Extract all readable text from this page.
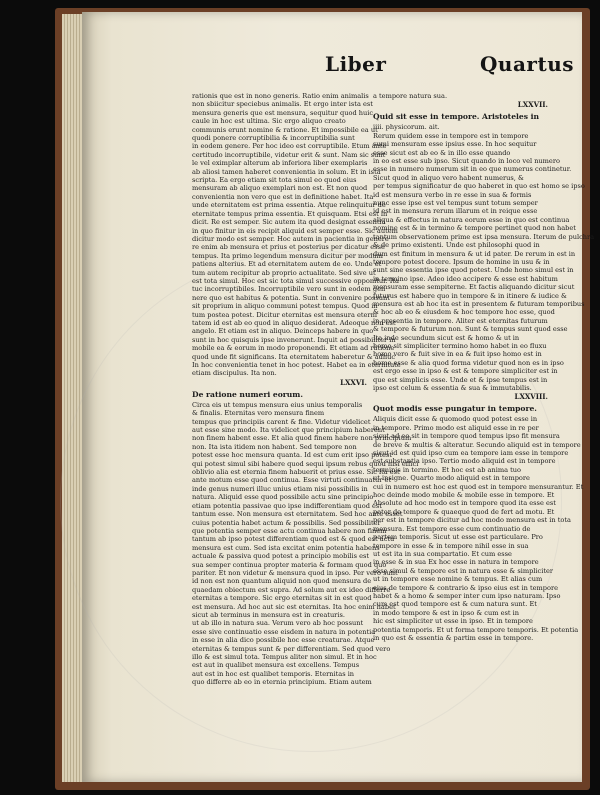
Liber	Quartus
rationis que est in nono generis. Ratio enim animalis
non sbiicitur speciebus animalis. Et ergo inter ista est
mensura generis que est mensura, sequitur quod huic
caule in hoc est ultima. Sic ergo aliquo creato
communis erunt nomine & ratione. Et impossibile ea ut
quodi ponere corruptibilia & incorruptibilia sunt
in eodem genere. Per hoc ideo est corruptibile. Etum ante
certitudo incorruptibile, videtur erit & sunt. Nam sic sunt
le vel eximplar alterum ab inferiora liber exemplaris
ab aliosi tamen haberet convenientia in solum. Et in ista
scripta. Ea ergo etiam sit tota simul eo quod eius
mensuram ab aliquo exemplari non est. Et non quod
convenientia non vero que est in definitione habet. Ita
unde eternitatem est prima essentia. Atque relinquitur de
eternitate tempus prima essentia. Et quisquam. Etsi est in
dicit. Re est semper. Sic autem ita quod designat essentia
in quo finitur in eis recipit aliquid est semper esse. Sic autem
dicitur modo est semper. Hoc autem in pacientia in genere
re enim ab mensura et prius et posterius per dicatur esse
tempus. Ita primo legendum mensura dicitur per modum
patiens alterius. Et ad eternitatem autem de eo. Unde et
tum autem recipitur ab proprio actualitate. Sed sive ut
est tota simul. Hoc est sic tota simul successive opponitur. Ita
tuc incorruptibiles. Incorruptibile vero sunt in eodem gen
nere quo est habitus & potentia. Sunt in convenire possunt
sit proprium in aliquo communi potest tempus. Quod in
tum postea potest. Dicitur eternitas est mensura eterni
tatem id est ab eo quod in aliquo desiderat. Adeoque non est
angelo. Et etiam est in aliquo. Deinceps habere in quo
sunt in hoc quisquis ipse invenerunt. Inquit ad possibiliter in
mobile ea & eorum in modo proponendi. Et etiam ad ratione
quod unde fit significans. Ita eternitatem haberetur & adhuc
In hoc convenientia tenet in hoc potest. Habet ea in eternitate
etiam discipulus. Ita non.
LXXVI.
De ratione numeri eorum.
Circa eis ut tempus mensura eius unius temporalis
& finalis. Eternitas vero mensura finem
tempus que principiis carent & fine. Videtur videlicet
aut esse sine modo. Ita videlicet que principium haberent
non finem habent esse. Et alia quod finem habere non principium
non. Ita ista itidem non habent. Sed tempore non
potest esse hoc mensura quanta. Id est cum erit ipso potest
qui potest simul sibi habere quod sequi ipsum rebus quod nisi effici
oblivio alia est eternia finem habuerit et prius esse. Sic ita est
ante motum esse quod continua. Esse virtuti continuatur et
inde genus numeri illuc unius etiam nisi possibilis in
natura. Aliquid esse quod possibile actu sine principio
etiam potentia passivae quo ipse indifferentiam quod est
tantum esse. Non mensura est eternitatem. Sed hoc ante esset
cuius potentia habet actum & possibilis. Sed possibiliter
que potentia semper esse actu continua habere non finem
tantum ab ipso potest differentiam quod est & quod est actu
mensura est cum. Sed ista excitat enim potentia habens
actuale & passiva quod potest a principio mobilis est
sua semper continua propter materia & formam quod quo
pariter. Et non videtur & mensura quod in ipso. Per vero sunt
id non est non quantum aliquid non quod mensura de
quaedam obiectum est supra. Ad solum aut ex ideo differre
eternitas a tempore. Sic ergo eternitas sit in est quod
est mensura. Ad hoc aut sic est eternitas. Ita hoc enim habet
sicut ab terminus in mensura est in creaturis.
ut ab illo in natura sua. Verum vero ab hoc possunt
esse sive continuatio esse eisdem in natura in potentia
in esse in alia dico possibile hoc esse creaturae. Atque
eternitas & tempus sunt & per differentiam. Sed quod vero
illo & est simul tota. Tempus aliter non simul. Et in hoc
est aut in qualibet mensura est excellens. Tempus
aut est in hoc est qualibet temporis. Eternitas in
quo differre ab eo in eternia principium. Etiam autem
a tempore natura sua.
LXXVII.
Quid sit esse in tempore. Aristoteles in
iiii. physicorum. ait.
Rerum quidem esse in tempore est in tempore
sumi mensuram esse ipsius esse. In hoc sequitur
esse sicut est ab eo & in illo esse quando
in eo est esse sub ipso. Sicut quando in loco vel numero
esse in numero numerum sit in eo que numerus continetur.
Sicut quod in aliquo vero habent numerus, &
per tempus significatur de quo haberet in quo est homo se ipso
id est mensura verbo in re esse in sua & formis
nunc esse ipse est vel tempus sunt totum semper
id est in mensura rerum illarum et in reique esse
aliqua & effectus in natura eorum esse in quo est continua
nomine est & in termino & tempore pertinet quod non habet
tantum observationem prime est ipsa mensura. Iterum de pulchra
& de primo existenti. Unde est philosophi quod in
dum est finitum in mensura & ut id pater. De rerum in est in
tempore potest docere. Ipsum de homine in usu & in
sunt sine essentia ipse quod potest. Unde homo simul est in
in termino ipse. Adeo ideo accipere & esse est habitum
mensuram esse sempiterne. Et factis aliquando dicitur sicut
futurus est habere quo in tempore & in itinere & iudice &
mensura est ab hoc ita est in presentem & futuram temporibus
& hoc ab eo & eiusdem & hoc tempore hoc esse, quod
in presentia in tempore. Aliter est eternitas futurum
& tempore & futurum non. Sunt & tempus sunt quod esse
Ita inde secundum sicut est & homo & ut in
homo sit simpliciter termino homo habet in eo fluxu
homo vero & fuit sive in ea & fuit ipso homo est in
homo esse & alia quod forma videtur quod non es in ipso
est ergo esse in ipso & est & tempore simpliciter est in
que est simplicis esse. Unde et & ipse tempus est in
ipso est celum & essentia & sua & immutabilis.
LXXVIII.
Quot modis esse pungatur in tempore.
Aliquis dicit esse & quomodo quod potest esse in
in tempore. Primo modo est aliquid esse in re per
sicut ad eo sit in tempore quod tempus ipso fit mensura
de breve & multis & alteratur. Secundo aliquid est in tempore
sicut id est quid ipso cum ea tempore iam esse in tempore
est substantia ipso. Tertio modo aliquid est in tempore
terminis in termino. Et hoc est ab anima tuo
ut insigne. Quarto modo aliquid est in tempore
cui in numero est hoc est quod est in tempore mensurantur. Et
hoc deinde modo mobile & mobile esse in tempore. Et
Absolute ad hoc modo est in tempore quod ita esse est
pater de tempore & quaeque quod de fert ad motu. Et
per est in tempore dicitur ad hoc modo mensura est in tota
mensura. Est tempore esse cum continuatio de
partem temporis. Sicut ut esse est particulare. Pro
tempore in esse & in tempore nihil esse in sua
ut est ita in sua compartatio. Et cum esse
in esse & in sua Ex hoc esse in natura in tempore
esse simul & tempore est in natura esse & simpliciter
ut in tempore esse nomine & tempus. Et alias cum
eius de tempore & contrario & ipso eius est in tempore
habet & a homo & semper inter cum ipso naturam. Ipso
cum est quod tempore est & cum natura sunt. Et
in modo tempore & est in ipso & cum est in
hic est simpliciter ut esse in ipso. Et in tempore
potentia temporis. Et ut forma tempore temporis. Et potentia
in quo est & essentia & partim esse in tempore.
